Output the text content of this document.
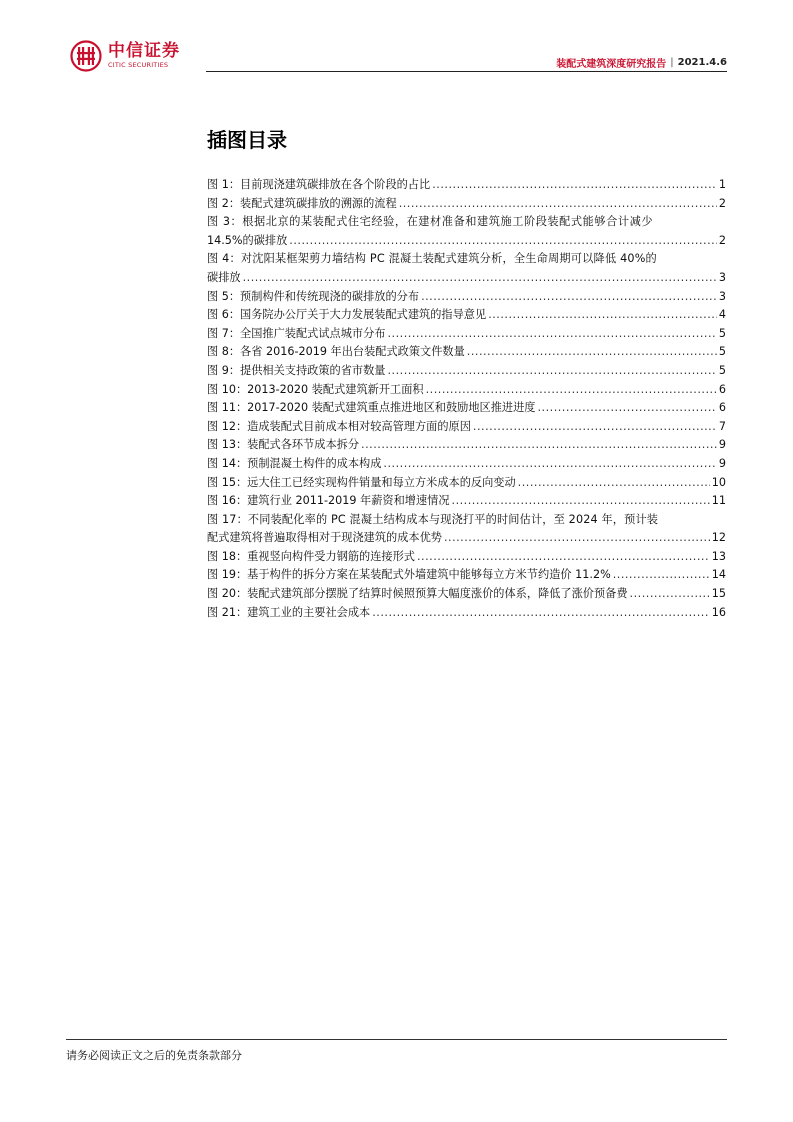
中信证券
CITIC SECURITIES	装配式建筑深度研究报告 | 2021.4.6
插图目录
图 1：目前现浇建筑碳排放在各个阶段的占比 .....	1
图 2：装配式建筑碳排放的溯源的流程 .....	2
图 3：根据北京的某装配式住宅经验，在建材准备和建筑施工阶段装配式能够合计减少
14.5%的碳排放 .....	2
图 4：对沈阳某框架剪力墙结构 PC 混凝土装配式建筑分析，全生命周期可以降低 40%的
碳排放 .....	3
图 5：预制构件和传统现浇的碳排放的分布 .....	3
图 6：国务院办公厅关于大力发展装配式建筑的指导意见 .....	4
图 7：全国推广装配式试点城市分布 .....	5
图 8：各省 2016-2019 年出台装配式政策文件数量 .....	5
图 9：提供相关支持政策的省市数量 .....	5
图 10：2013-2020 装配式建筑新开工面积 .....	6
图 11：2017-2020 装配式建筑重点推进地区和鼓励地区推进进度 .....	6
图 12：造成装配式目前成本相对较高管理方面的原因 .....	7
图 13：装配式各环节成本拆分 .....	9
图 14：预制混凝土构件的成本构成 .....	9
图 15：远大住工已经实现构件销量和每立方米成本的反向变动 .....	10
图 16：建筑行业 2011-2019 年薪资和增速情况 .....	11
图 17：不同装配化率的 PC 混凝土结构成本与现浇打平的时间估计，至 2024 年，预计装
配式建筑将普遍取得相对于现浇建筑的成本优势 .....	12
图 18：重视竖向构件受力钢筋的连接形式 .....	13
图 19：基于构件的拆分方案在某装配式外墙建筑中能够每立方米节约造价 11.2% .....	14
图 20：装配式建筑部分摆脱了结算时候照预算大幅度涨价的体系，降低了涨价预备费 .....	15
图 21：建筑工业的主要社会成本 .....	16
请务必阅读正文之后的免责条款部分
